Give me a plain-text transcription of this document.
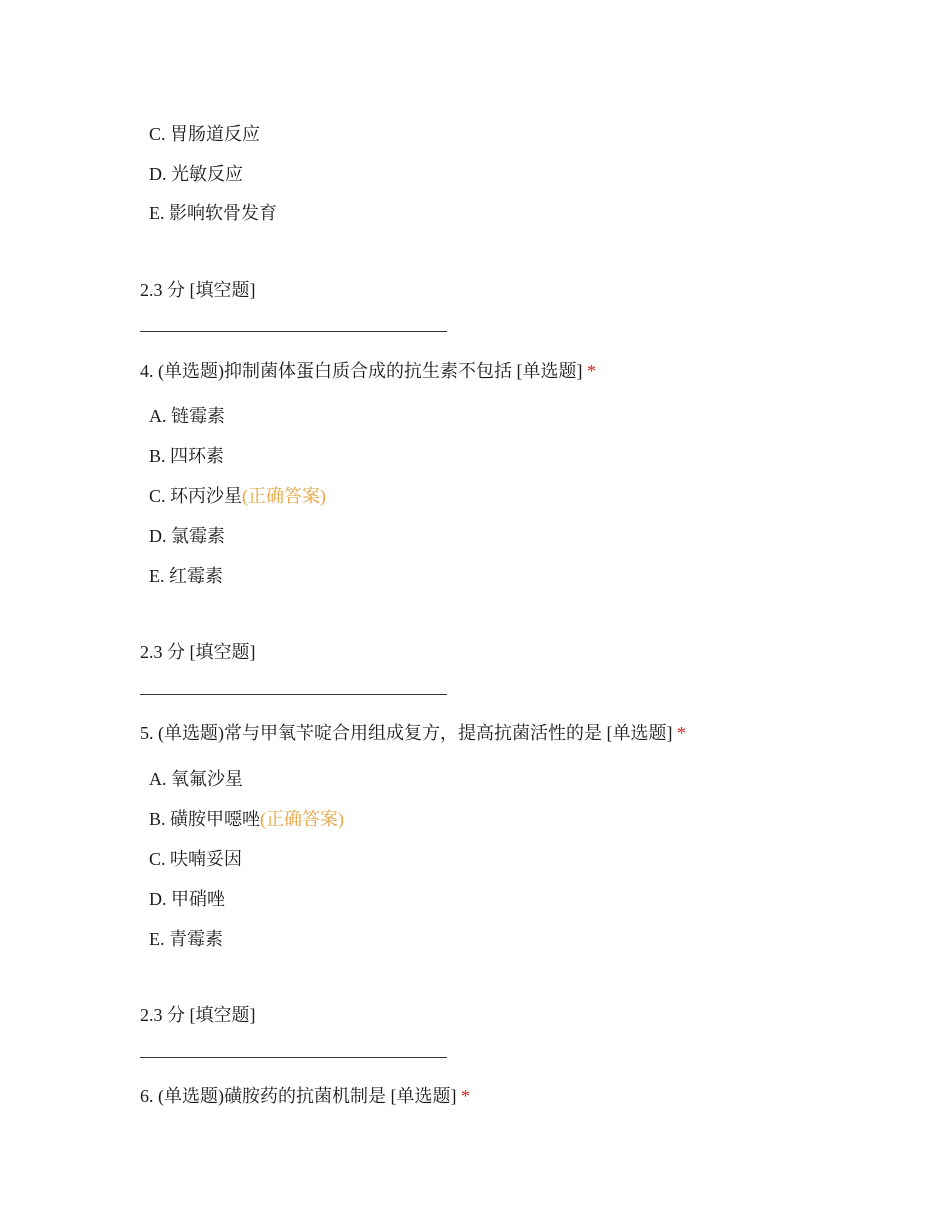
C. 胃肠道反应
D. 光敏反应
E. 影响软骨发育
2.3 分 [填空题]
4. (单选题)抑制菌体蛋白质合成的抗生素不包括 [单选题] *
A. 链霉素
B. 四环素
C. 环丙沙星(正确答案)
D. 氯霉素
E. 红霉素
2.3 分 [填空题]
5. (单选题)常与甲氧苄啶合用组成复方，提高抗菌活性的是 [单选题] *
A. 氧氟沙星
B. 磺胺甲噁唑(正确答案)
C. 呋喃妥因
D. 甲硝唑
E. 青霉素
2.3 分 [填空题]
6. (单选题)磺胺药的抗菌机制是 [单选题] *
